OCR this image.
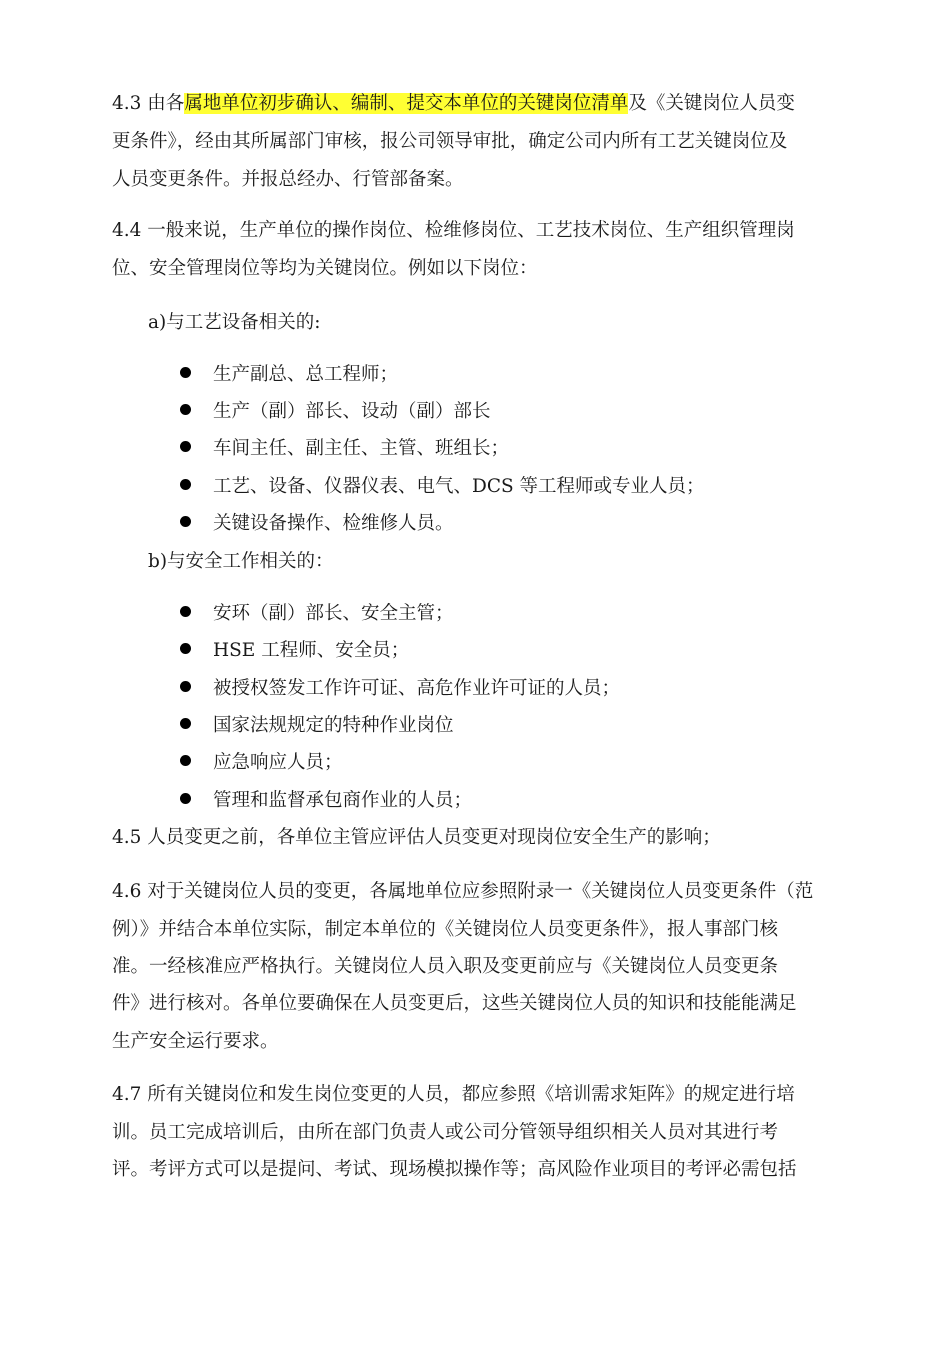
4.3 由各属地单位初步确认、编制、提交本单位的关键岗位清单及《关键岗位人员变
更条件》，经由其所属部门审核，报公司领导审批，确定公司内所有工艺关键岗位及
人员变更条件。并报总经办、行管部备案。
4.4 一般来说，生产单位的操作岗位、检维修岗位、工艺技术岗位、生产组织管理岗
位、安全管理岗位等均为关键岗位。例如以下岗位：
a)与工艺设备相关的:
生产副总、总工程师；
生产（副）部长、设动（副）部长
车间主任、副主任、主管、班组长；
工艺、设备、仪器仪表、电气、DCS 等工程师或专业人员；
关键设备操作、检维修人员。
b)与安全工作相关的：
安环（副）部长、安全主管；
HSE 工程师、安全员；
被授权签发工作许可证、高危作业许可证的人员；
国家法规规定的特种作业岗位
应急响应人员；
管理和监督承包商作业的人员；
4.5 人员变更之前，各单位主管应评估人员变更对现岗位安全生产的影响；
4.6 对于关键岗位人员的变更，各属地单位应参照附录一《关键岗位人员变更条件（范
例）》并结合本单位实际，制定本单位的《关键岗位人员变更条件》，报人事部门核
准。一经核准应严格执行。关键岗位人员入职及变更前应与《关键岗位人员变更条
件》进行核对。各单位要确保在人员变更后，这些关键岗位人员的知识和技能能满足
生产安全运行要求。
4.7 所有关键岗位和发生岗位变更的人员，都应参照《培训需求矩阵》的规定进行培
训。员工完成培训后，由所在部门负责人或公司分管领导组织相关人员对其进行考
评。考评方式可以是提问、考试、现场模拟操作等；高风险作业项目的考评必需包括
